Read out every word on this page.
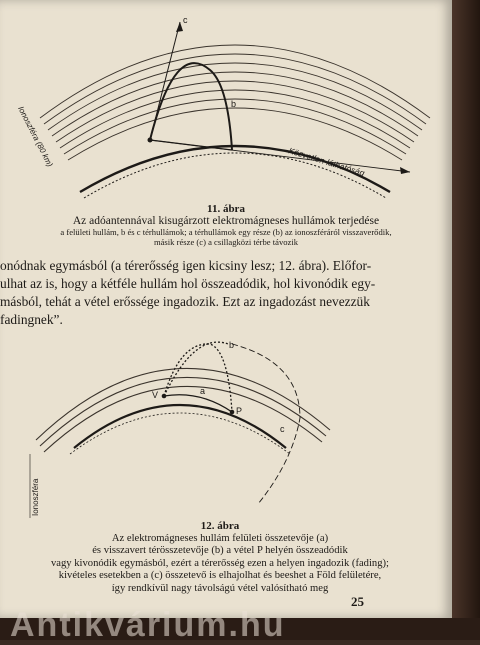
c
b
Közvetlen láthatóság
Ionoszféra (80 km)
11. ábra
Az adóantennával kisugárzott elektromágneses hullámok terjedése
a felületi hullám, b és c térhullámok; a térhullámok egy része (b) az ionoszféráról visszaverődik,
másik része (c) a csillagközi térbe távozik
onódnak egymásból (a térerősség igen kicsiny lesz; 12. ábra). Előfor-
ulhat az is, hogy a kétféle hullám hol összeadódik, hol kivonódik egy-
másból, tehát a vétel erőssége ingadozik. Ezt az ingadozást nevezzük
fadingnek”.
b
a
V
P
c
Ionoszféra
12. ábra
Az elektromágneses hullám felületi összetevője (a)
és visszavert térösszetevője (b) a vétel P helyén összeadódik
vagy kivonódik egymásból, ezért a térerősség ezen a helyen ingadozik (fading);
kivételes esetekben a (c) összetevő is elhajolhat és beeshet a Föld felületére,
így rendkívül nagy távolságú vétel valósítható meg
25
Antikvárium.hu
